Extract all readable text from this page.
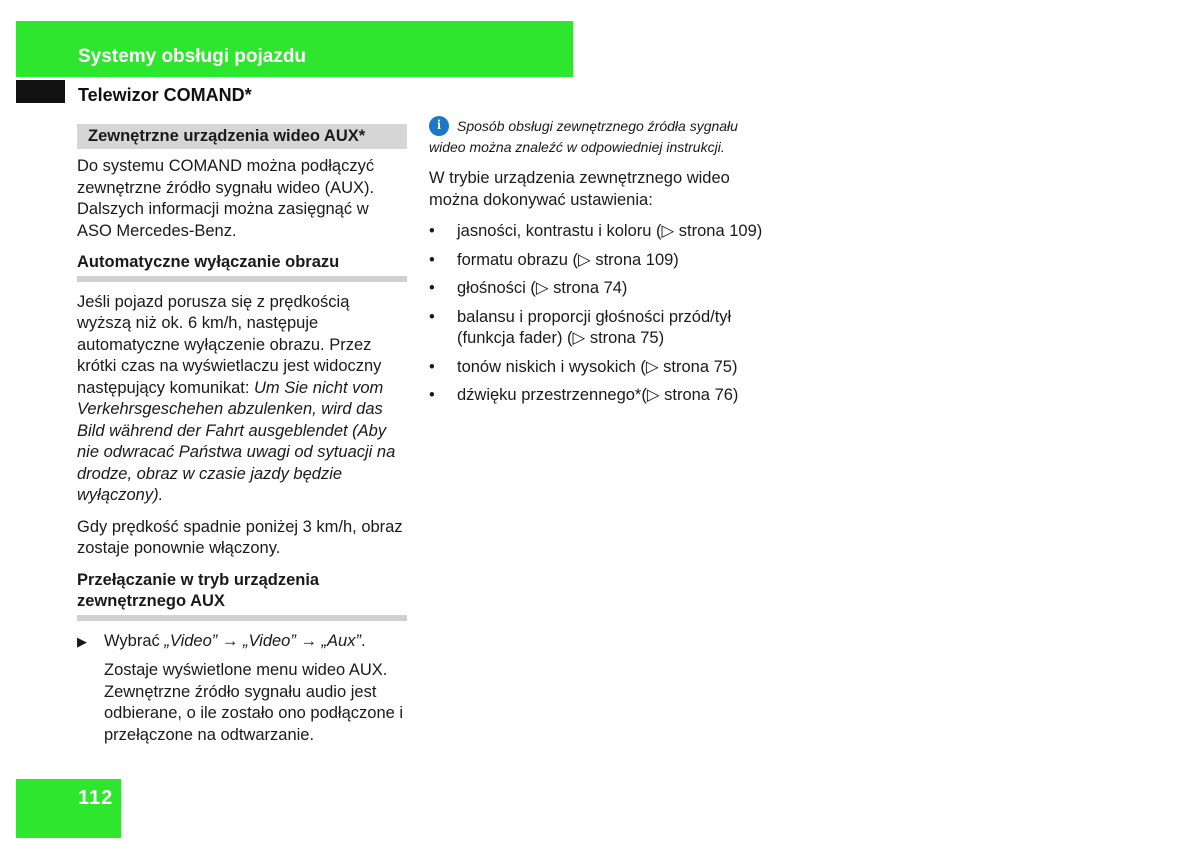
Systemy obsługi pojazdu
Telewizor COMAND*
Zewnętrzne urządzenia wideo AUX*

Do systemu COMAND można podłączyć zewnętrzne źródło sygnału wideo (AUX). Dalszych informacji można zasięgnąć w ASO Mercedes-Benz.

Automatyczne wyłączanie obrazu

Jeśli pojazd porusza się z prędkością wyższą niż ok. 6 km/h, następuje automatyczne wyłączenie obrazu. Przez krótki czas na wyświetlaczu jest widoczny następujący komunikat: Um Sie nicht vom Verkehrsgeschehen abzulenken, wird das Bild während der Fahrt ausgeblendet (Aby nie odwracać Państwa uwagi od sytuacji na drodze, obraz w czasie jazdy będzie wyłączony).

Gdy prędkość spadnie poniżej 3 km/h, obraz zostaje ponownie włączony.

Przełączanie w tryb urządzenia zewnętrznego AUX
▶	Wybrać „Video” → „Video” → „Aux”.

Zostaje wyświetlone menu wideo AUX. Zewnętrzne źródło sygnału audio jest odbierane, o ile zostało ono podłączone i przełączone na odtwarzanie.

i Sposób obsługi zewnętrznego źródła sygnału wideo można znaleźć w odpowiedniej instrukcji.

W trybie urządzenia zewnętrznego wideo można dokonywać ustawienia:

•	jasności, kontrastu i koloru (▷ strona 109)
•	formatu obrazu (▷ strona 109)
•	głośności (▷ strona 74)
•	balansu i proporcji głośności przód/tył (funkcja fader) (▷ strona 75)
•	tonów niskich i wysokich (▷ strona 75)
•	dźwięku przestrzennego*(▷ strona 76)
112
